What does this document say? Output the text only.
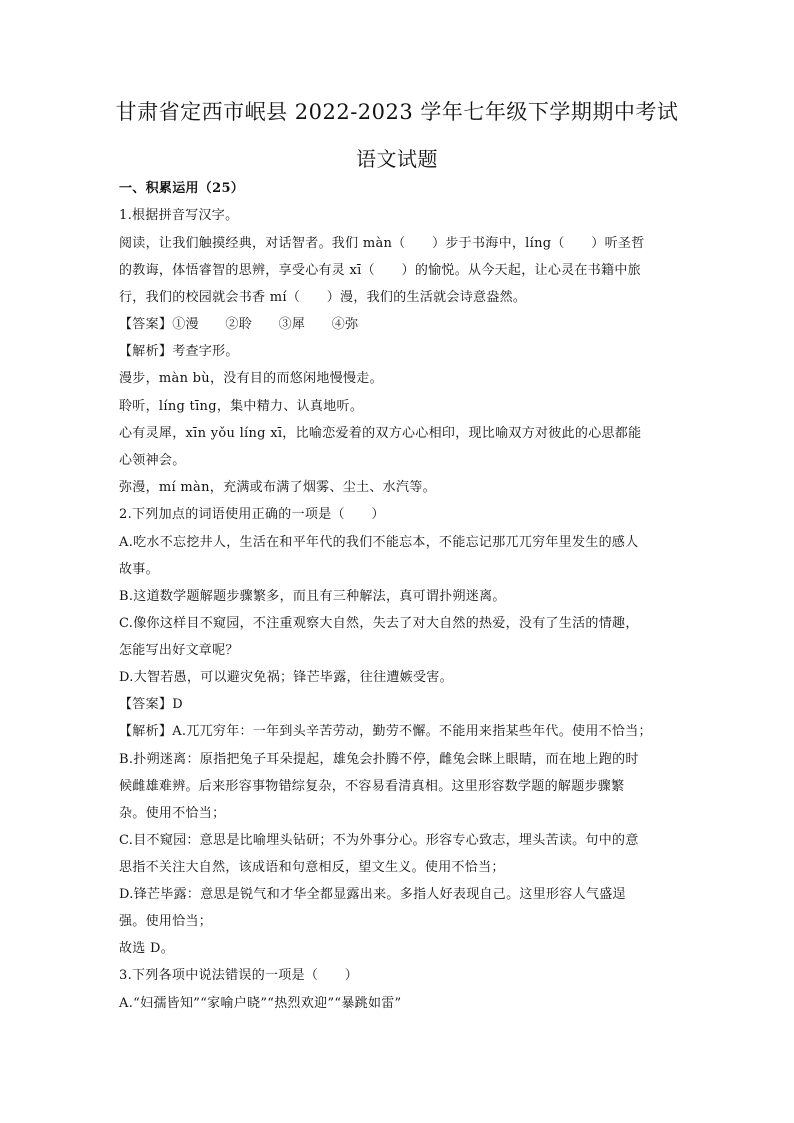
甘肃省定西市岷县 2022-2023 学年七年级下学期期中考试
语文试题
一、积累运用（25）
1.根据拼音写汉字。
阅读，让我们触摸经典，对话智者。我们 màn（　　）步于书海中，líng（　　）听圣哲
的教诲，体悟睿智的思辨，享受心有灵 xī（　　）的愉悦。从今天起，让心灵在书籍中旅
行，我们的校园就会书香 mí（　　）漫，我们的生活就会诗意盎然。
【答案】①漫　　②聆　　③犀　　④弥
【解析】考查字形。
漫步，màn bù，没有目的而悠闲地慢慢走。
聆听，líng tīng，集中精力、认真地听。
心有灵犀，xīn yǒu líng xī，比喻恋爱着的双方心心相印，现比喻双方对彼此的心思都能
心领神会。
弥漫，mí màn，充满或布满了烟雾、尘土、水汽等。
2.下列加点的词语使用正确的一项是（　　）
A.吃水不忘挖井人，生活在和平年代的我们不能忘本，不能忘记那兀兀穷年里发生的感人
故事。
B.这道数学题解题步骤繁多，而且有三种解法，真可谓扑朔迷离。
C.像你这样目不窥园，不注重观察大自然，失去了对大自然的热爱，没有了生活的情趣，
怎能写出好文章呢？
D.大智若愚，可以避灾免祸；锋芒毕露，往往遭嫉受害。
【答案】D
【解析】A.兀兀穷年：一年到头辛苦劳动，勤劳不懈。不能用来指某些年代。使用不恰当；
B.扑朔迷离：原指把兔子耳朵提起，雄兔会扑腾不停，雌兔会眯上眼睛，而在地上跑的时
候雌雄难辨。后来形容事物错综复杂，不容易看清真相。这里形容数学题的解题步骤繁
杂。使用不恰当；
C.目不窥园：意思是比喻埋头钻研；不为外事分心。形容专心致志，埋头苦读。句中的意
思指不关注大自然，该成语和句意相反，望文生义。使用不恰当；
D.锋芒毕露：意思是锐气和才华全都显露出来。多指人好表现自己。这里形容人气盛逞
强。使用恰当；
故选 D。
3.下列各项中说法错误的一项是（　　）
A.“妇孺皆知”“家喻户晓”“热烈欢迎”“暴跳如雷”
